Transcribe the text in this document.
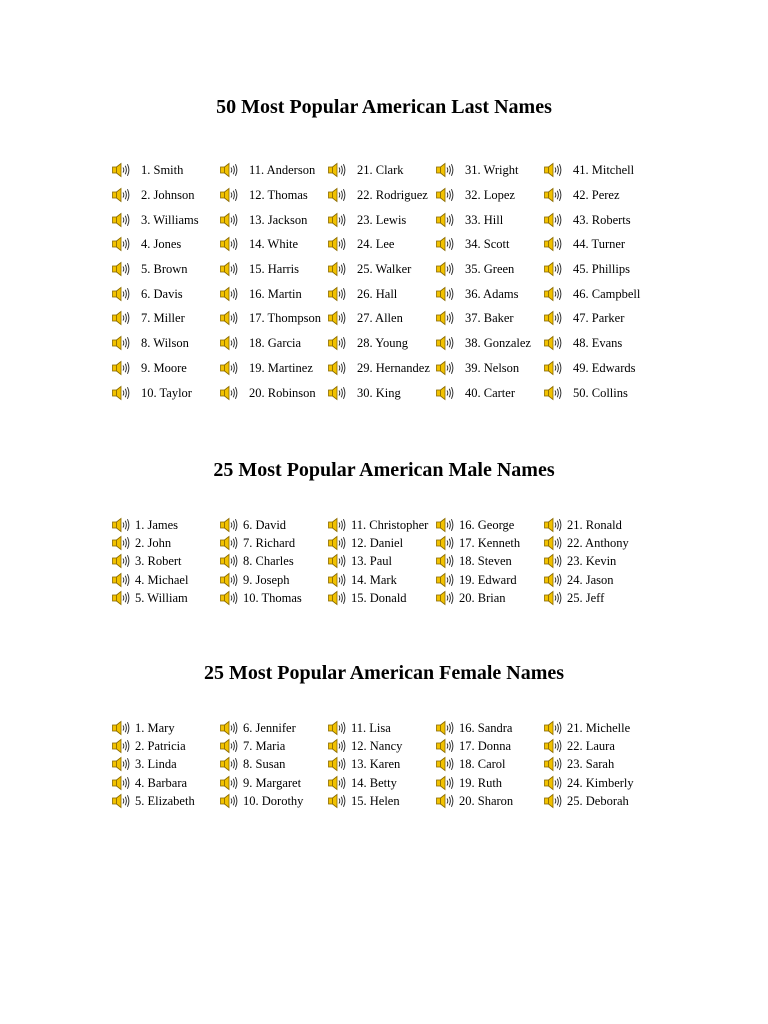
50 Most Popular American Last Names
1. Smith
2. Johnson
3. Williams
4. Jones
5. Brown
6. Davis
7. Miller
8. Wilson
9. Moore
10. Taylor
11. Anderson
12. Thomas
13. Jackson
14. White
15. Harris
16. Martin
17. Thompson
18. Garcia
19. Martinez
20. Robinson
21. Clark
22. Rodriguez
23. Lewis
24. Lee
25. Walker
26. Hall
27. Allen
28. Young
29. Hernandez
30. King
31. Wright
32. Lopez
33. Hill
34. Scott
35. Green
36. Adams
37. Baker
38. Gonzalez
39. Nelson
40. Carter
41. Mitchell
42. Perez
43. Roberts
44. Turner
45. Phillips
46. Campbell
47. Parker
48. Evans
49. Edwards
50. Collins
25 Most Popular American Male Names
1. James
2. John
3. Robert
4. Michael
5. William
6. David
7. Richard
8. Charles
9. Joseph
10. Thomas
11. Christopher
12. Daniel
13. Paul
14. Mark
15. Donald
16. George
17. Kenneth
18. Steven
19. Edward
20. Brian
21. Ronald
22. Anthony
23. Kevin
24. Jason
25. Jeff
25 Most Popular American Female Names
1. Mary
2. Patricia
3. Linda
4. Barbara
5. Elizabeth
6. Jennifer
7. Maria
8. Susan
9. Margaret
10. Dorothy
11. Lisa
12. Nancy
13. Karen
14. Betty
15. Helen
16. Sandra
17. Donna
18. Carol
19. Ruth
20. Sharon
21. Michelle
22. Laura
23. Sarah
24. Kimberly
25. Deborah
